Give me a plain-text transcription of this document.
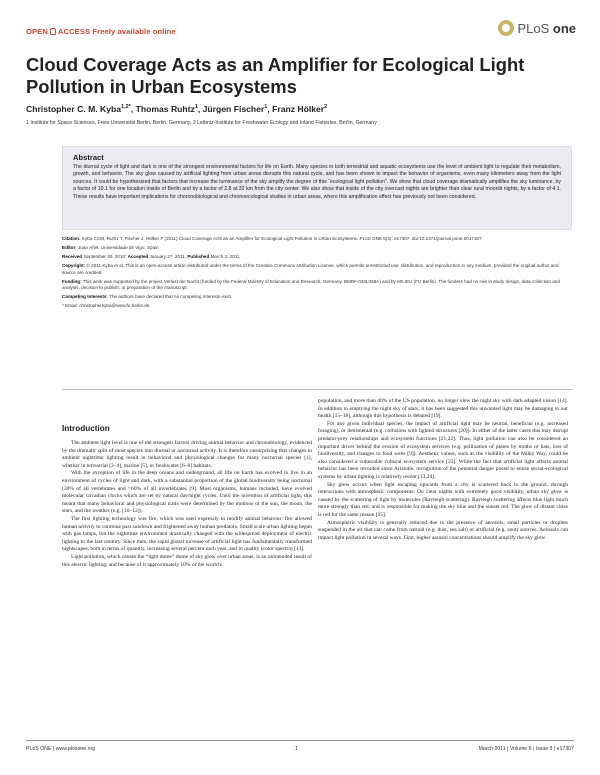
OPEN ACCESS Freely available online	PLoS one
Cloud Coverage Acts as an Amplifier for Ecological Light Pollution in Urban Ecosystems
Christopher C. M. Kyba$^{1,2*}$, Thomas Ruhtz$^1$, Jürgen Fischer$^1$, Franz Hölker$^2$
1 Institute for Space Sciences, Freie Universität Berlin, Berlin, Germany, 2 Leibniz-Institute for Freshwater Ecology and Inland Fisheries, Berlin, Germany
Abstract

The diurnal cycle of light and dark is one of the strongest environmental factors for life on Earth. Many species in both terrestrial and aquatic ecosystems use the level of ambient light to regulate their metabolism, growth, and behavior. The sky glow caused by artificial lighting from urban areas disrupts this natural cycle, and has been shown to impact the behavior of organisms, even many kilometers away from the light sources. It could be hypothesized that factors that increase the luminance of the sky amplify the degree of this “ecological light pollution”. We show that cloud coverage dramatically amplifies the sky luminance, by a factor of 10.1 for one location inside of Berlin and by a factor of 2.8 at 32 km from the city center. We also show that inside of the city overcast nights are brighter than clear rural moonlit nights, by a factor of 4.1. These results have important implications for choronobiological and chronoecological studies in urban areas, where this amplification effect has previously not been considered.

Citation: Kyba CCM, Ruhtz T, Fischer J, Hölker F (2011) Cloud Coverage Acts as an Amplifier for Ecological Light Pollution in Urban Ecosystems. PLoS ONE 6(3): e17307. doi:10.1371/journal.pone.0017307

Editor: Juan Añel, Universidade de Vigo, Spain

Received September 30, 2010; Accepted January 27, 2011; Published March 2, 2011

Copyright: © 2011 Kyba et al. This is an open-access article distributed under the terms of the Creative Commons Attribution License, which permits unrestricted use, distribution, and reproduction in any medium, provided the original author and source are credited.

Funding: This work was supported by the project Verlust der Nacht (funded by the Federal Ministry of Education and Research, Germany, BMBF-033L038A) and by MILIEU (FU Berlin). The funders had no role in study design, data collection and analysis, decision to publish, or preparation of the manuscript.

Competing Interests: The authors have declared that no competing interests exist.

* Email: christopherkyba@wew.fu-berlin.de

Introduction

The ambient light level is one of the strongest factors driving animal behavior and chronobiology, evidenced by the dramatic split of most species into diurnal or nocturnal activity. It is therefore unsurprising that changes in ambient nighttime lighting result in behavioral and physiological changes for many nocturnal species [1], whether in terrestrial [2–4], marine [5], or freshwater [6–8] habitats.

With the exception of life in the deep oceans and underground, all life on Earth has evolved to live in an environment of cycles of light and dark, with a substantial proportion of the global biodiversity being nocturnal (30% of all vertebrates and >60% of all invertebrates [9]. Most organisms, humans included, have evolved molecular circadian clocks which are set by natural day/night cycles. Until the invention of artificial light, this meant that many behavioral and physiological traits were determined by the motions of the sun, the moon, the stars, and the weather (e.g. [10–12]).

The first lighting technology was fire, which was used expressly to modify animal behavior: fire allowed human activity to continue past sundown and frightened away human predators. Small scale urban lighting began with gas lamps, but the nighttime environment drastically changed with the widespread deployment of electric lighting in the last century. Since then, the rapid global increase of artificial light has fundamentally transformed nightscapes, both in terms of quantity, increasing several percent each year, and in quality (color spectra) [13].

Light pollution, which causes the “light dome” dome of sky glow over urban areas, is an unintended result of this electric lighting, and because of it approximately 10% of the world's

population, and more than 40% of the US population, no longer view the night sky with dark adapted vision [14]. In addition to emptying the night sky of stars, it has been suggested this unwanted light may be damaging to our health [15–18], although this hypothesis is debated [19].

For any given individual species, the impact of artificial light may be neutral, beneficial (e.g. increased foraging), or detrimental (e.g. collisions with lighted structures [20]). In either of the latter cases this may disrupt predator-prey relationships and ecosystem functions [21,22]. Thus, light pollution can also be considered an important driver behind the erosion of ecosystem services (e.g. pollination of plants by moths or bats, loss of biodiversity, and changes to food webs [9]). Aesthetic values, such as the visibility of the Milky Way, could be also considered a vulnerable cultural ecosystem service [23]. While the fact that artificial light affects animal behavior has been recorded since Aristotle, recognition of the potential danger posed to entire social-ecological systems by urban lighting is relatively recent [13,24].

Sky glow occurs when light escaping upwards from a city is scattered back to the ground, through interactions with atmospheric components. On clear nights with extremely good visibility, urban sky glow is caused by the scattering of light by molecules (Rayleigh scattering). Rayleigh scattering affects blue light much more strongly than red, and is responsible for making the sky blue and the sunset red. The glow of distant cities is red for the same reason [25].

Atmospheric visibility is generally reduced due to the presence of aerosols, small particles or droplets suspended in the air that can come from natural (e.g. dust, sea salt) or artificial (e.g. soot) sources. Aerosols can impact light pollution in several ways. First, higher aerosol concentrations should amplify the sky glow

PLoS ONE | www.plosone.org	1	March 2011 | Volume 6 | Issue 3 | e17307
